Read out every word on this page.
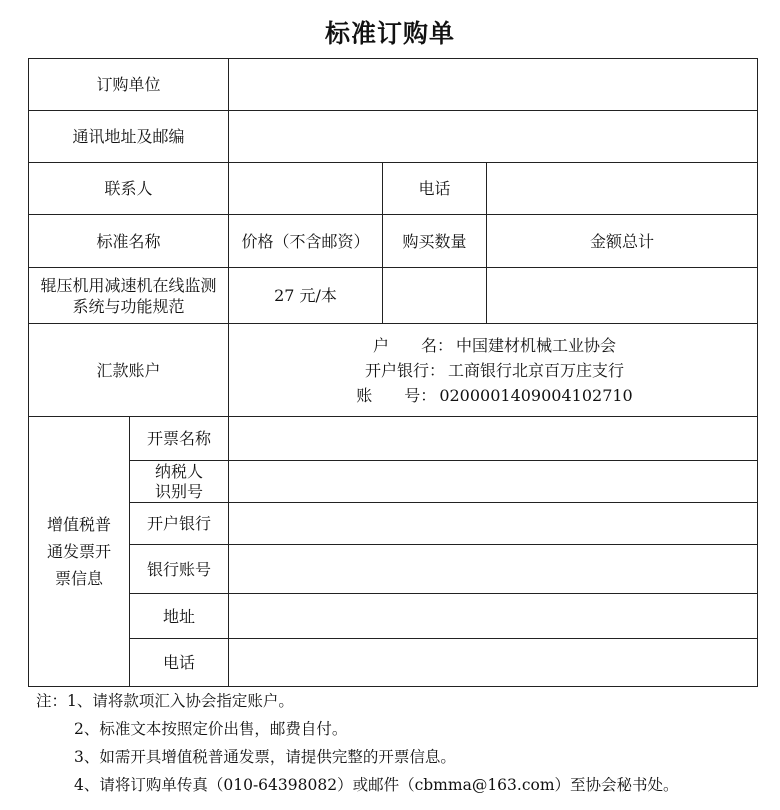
标准订购单
订购单位				
通讯地址及邮编				
联系人			电话	
标准名称		价格（不含邮资）	购买数量	金额总计
辊压机用减速机在线监测系统与功能规范		27 元/本		
汇款账户		户　　名： 中国建材机械工业协会
开户银行： 工商银行北京百万庄支行
账　　号： 0200001409004102710		

增值税普通发票开票信息	开票名称			

	纳税人识别号			

	开户银行			
	银行账号			
	地址			
	电话			
注：1、请将款项汇入协会指定账户。
2、标准文本按照定价出售，邮费自付。
3、如需开具增值税普通发票，请提供完整的开票信息。
4、请将订购单传真（010-64398082）或邮件（cbmma@163.com）至协会秘书处。
